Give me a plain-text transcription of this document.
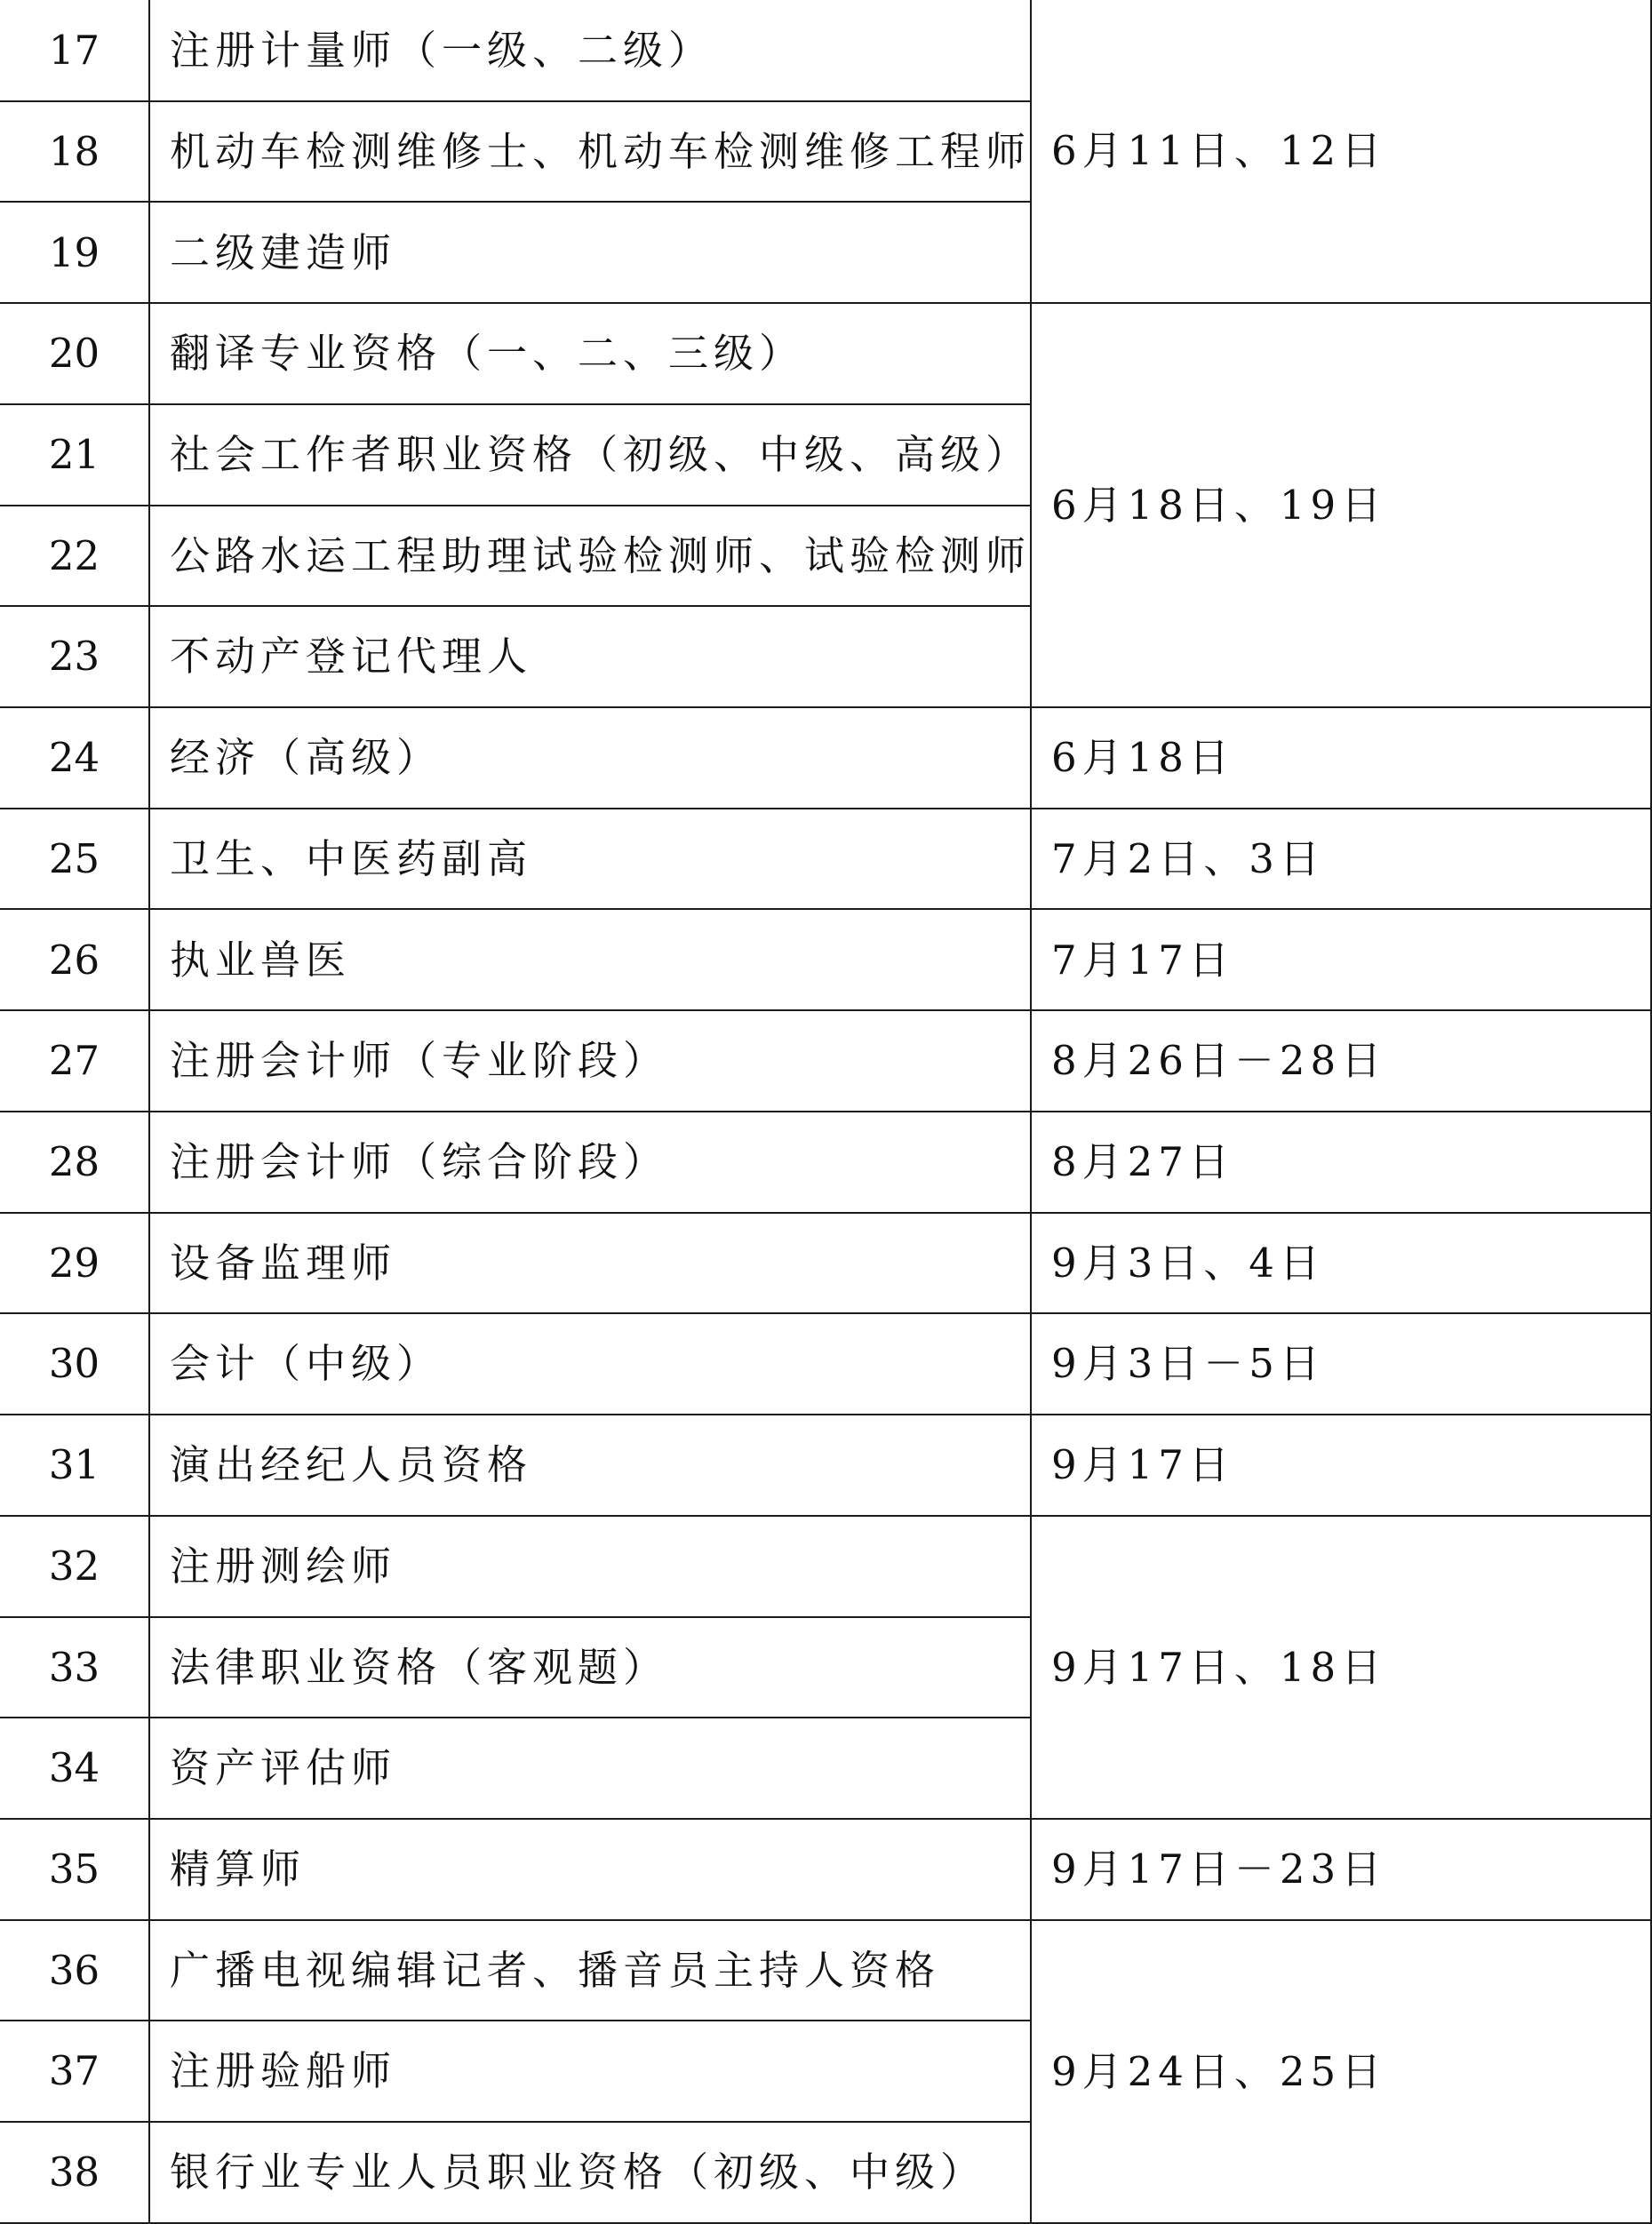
17	注册计量师（一级、二级）	6月11日、12日
18	机动车检测维修士、机动车检测维修工程师	
19	二级建造师	
20	翻译专业资格（一、二、三级）	6月18日、19日
21	社会工作者职业资格（初级、中级、高级）	
22	公路水运工程助理试验检测师、试验检测师	
23	不动产登记代理人	
24	经济（高级）	6月18日
25	卫生、中医药副高	7月2日、3日
26	执业兽医	7月17日
27	注册会计师（专业阶段）	8月26日－28日
28	注册会计师（综合阶段）	8月27日
29	设备监理师	9月3日、4日
30	会计（中级）	9月3日－5日
31	演出经纪人员资格	9月17日
32	注册测绘师	9月17日、18日
33	法律职业资格（客观题）	
34	资产评估师	
35	精算师	9月17日－23日
36	广播电视编辑记者、播音员主持人资格	9月24日、25日
37	注册验船师	
38	银行业专业人员职业资格（初级、中级）	
